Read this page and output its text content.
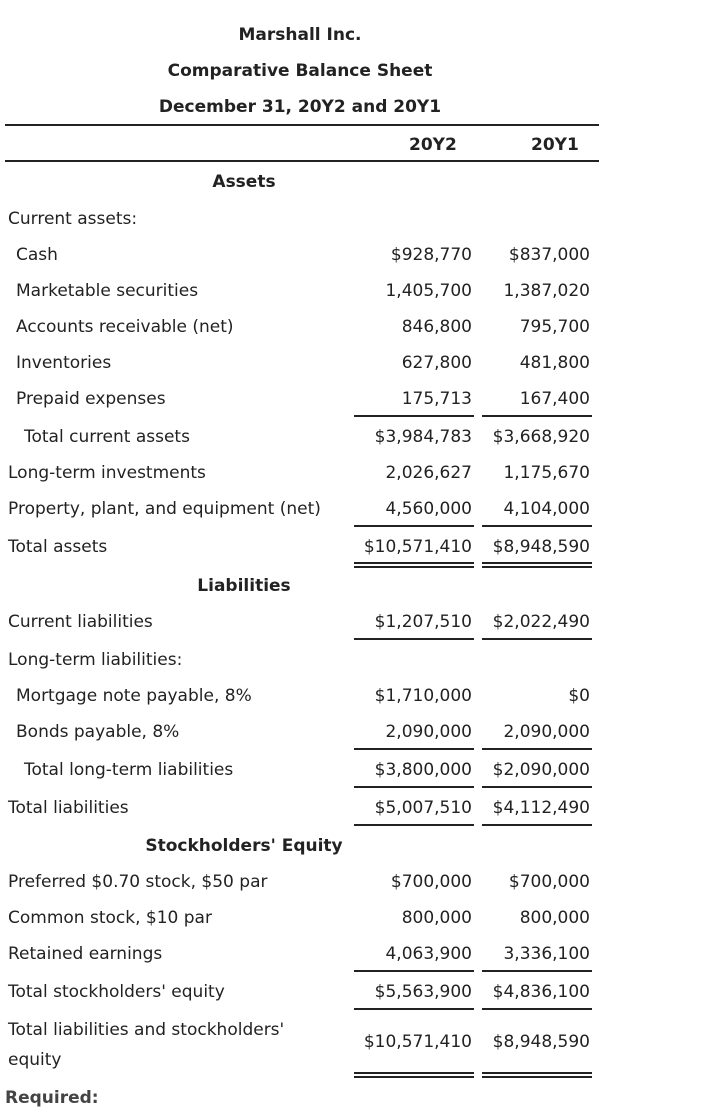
Marshall Inc.
Comparative Balance Sheet
December 31, 20Y2 and 20Y1
20Y2	20Y1
Assets
Current assets:
Cash	$928,770 $837,000
Marketable securities	1,405,700 1,387,020
Accounts receivable (net)	846,800	795,700
Inventories	627,800	481,800
Prepaid expenses	175,713	167,400
Total current assets	$3,984,783 $3,668,920
Long-term investments	2,026,627 1,175,670
Property, plant, and equipment (net)	4,560,000 4,104,000
Total assets	$10,571,410 $8,948,590
Liabilities
Current liabilities	$1,207,510 $2,022,490
Long-term liabilities:
Mortgage note payable, 8%	$1,710,000	$0
Bonds payable, 8%	2,090,000 2,090,000
Total long-term liabilities	$3,800,000 $2,090,000
Total liabilities	$5,007,510 $4,112,490
Stockholders' Equity
Preferred $0.70 stock, $50 par	$700,000 $700,000
Common stock, $10 par	800,000	800,000
Retained earnings	4,063,900 3,336,100
Total stockholders' equity	$5,563,900 $4,836,100
Total liabilities and stockholders'
equity
$10,571,410 $8,948,590
Required:
